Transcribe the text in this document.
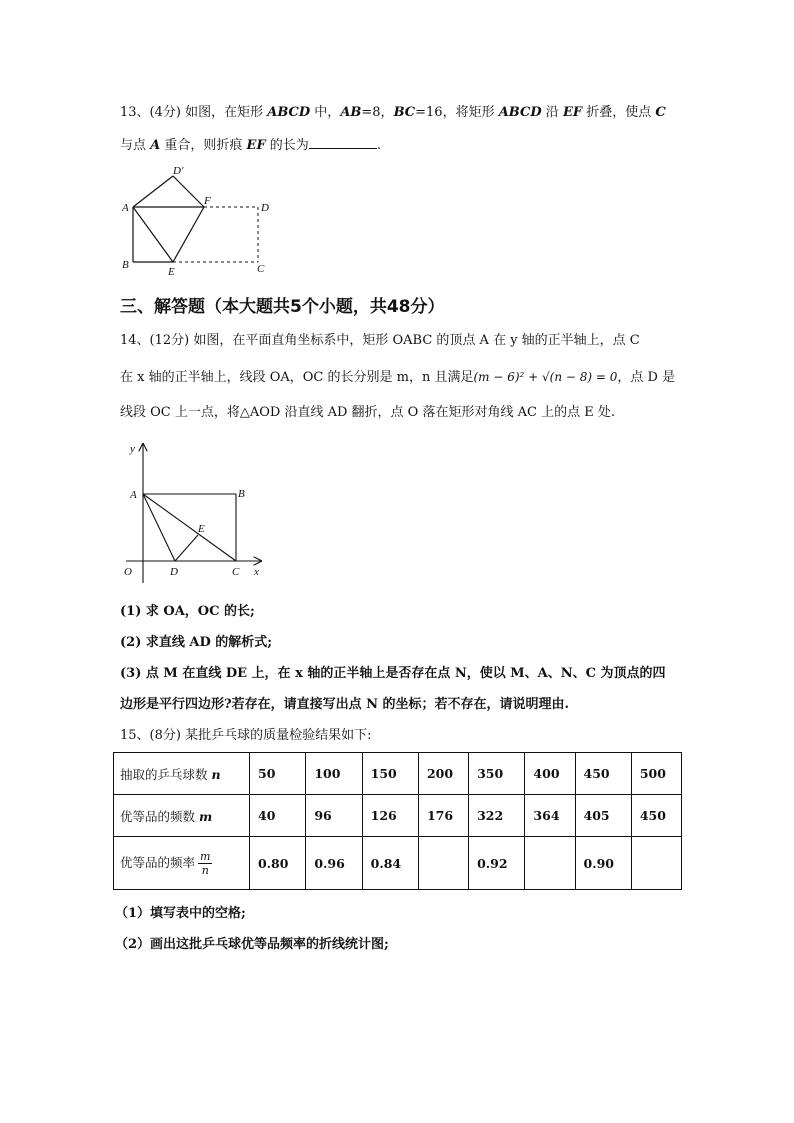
13、(4分) 如图，在矩形 ABCD 中，AB=8，BC=16，将矩形 ABCD 沿 EF 折叠，使点 C
与点 A 重合，则折痕 EF 的长为	.
D′
A
F
D
B
E	C
三、解答题（本大题共5个小题，共48分）
14、(12分) 如图，在平面直角坐标系中，矩形 OABC 的顶点 A 在 y 轴的正半轴上，点 C
在 x 轴的正半轴上，线段 OA，OC 的长分别是 m，n 且满足(m − 6)² + √(n − 8) = 0，点 D 是
线段 OC 上一点，将△AOD 沿直线 AD 翻折，点 O 落在矩形对角线 AC 上的点 E 处.
y
A	B
E
O	D	C x
(1) 求 OA，OC 的长;
(2) 求直线 AD 的解析式;
(3) 点 M 在直线 DE 上，在 x 轴的正半轴上是否存在点 N，使以 M、A、N、C 为顶点的四
边形是平行四边形?若存在，请直接写出点 N 的坐标；若不存在，请说明理由.
15、(8分) 某批乒乓球的质量检验结果如下:
抽取的乒乓球数 n	50	100	150	200	350	400	450	500
优等品的频数 m	40	96	126	176	322	364	405	450
优等品的频率 $\frac{m}{n}$	0.80	0.96	0.84		0.92		0.90	
（1）填写表中的空格;
（2）画出这批乒乓球优等品频率的折线统计图;
